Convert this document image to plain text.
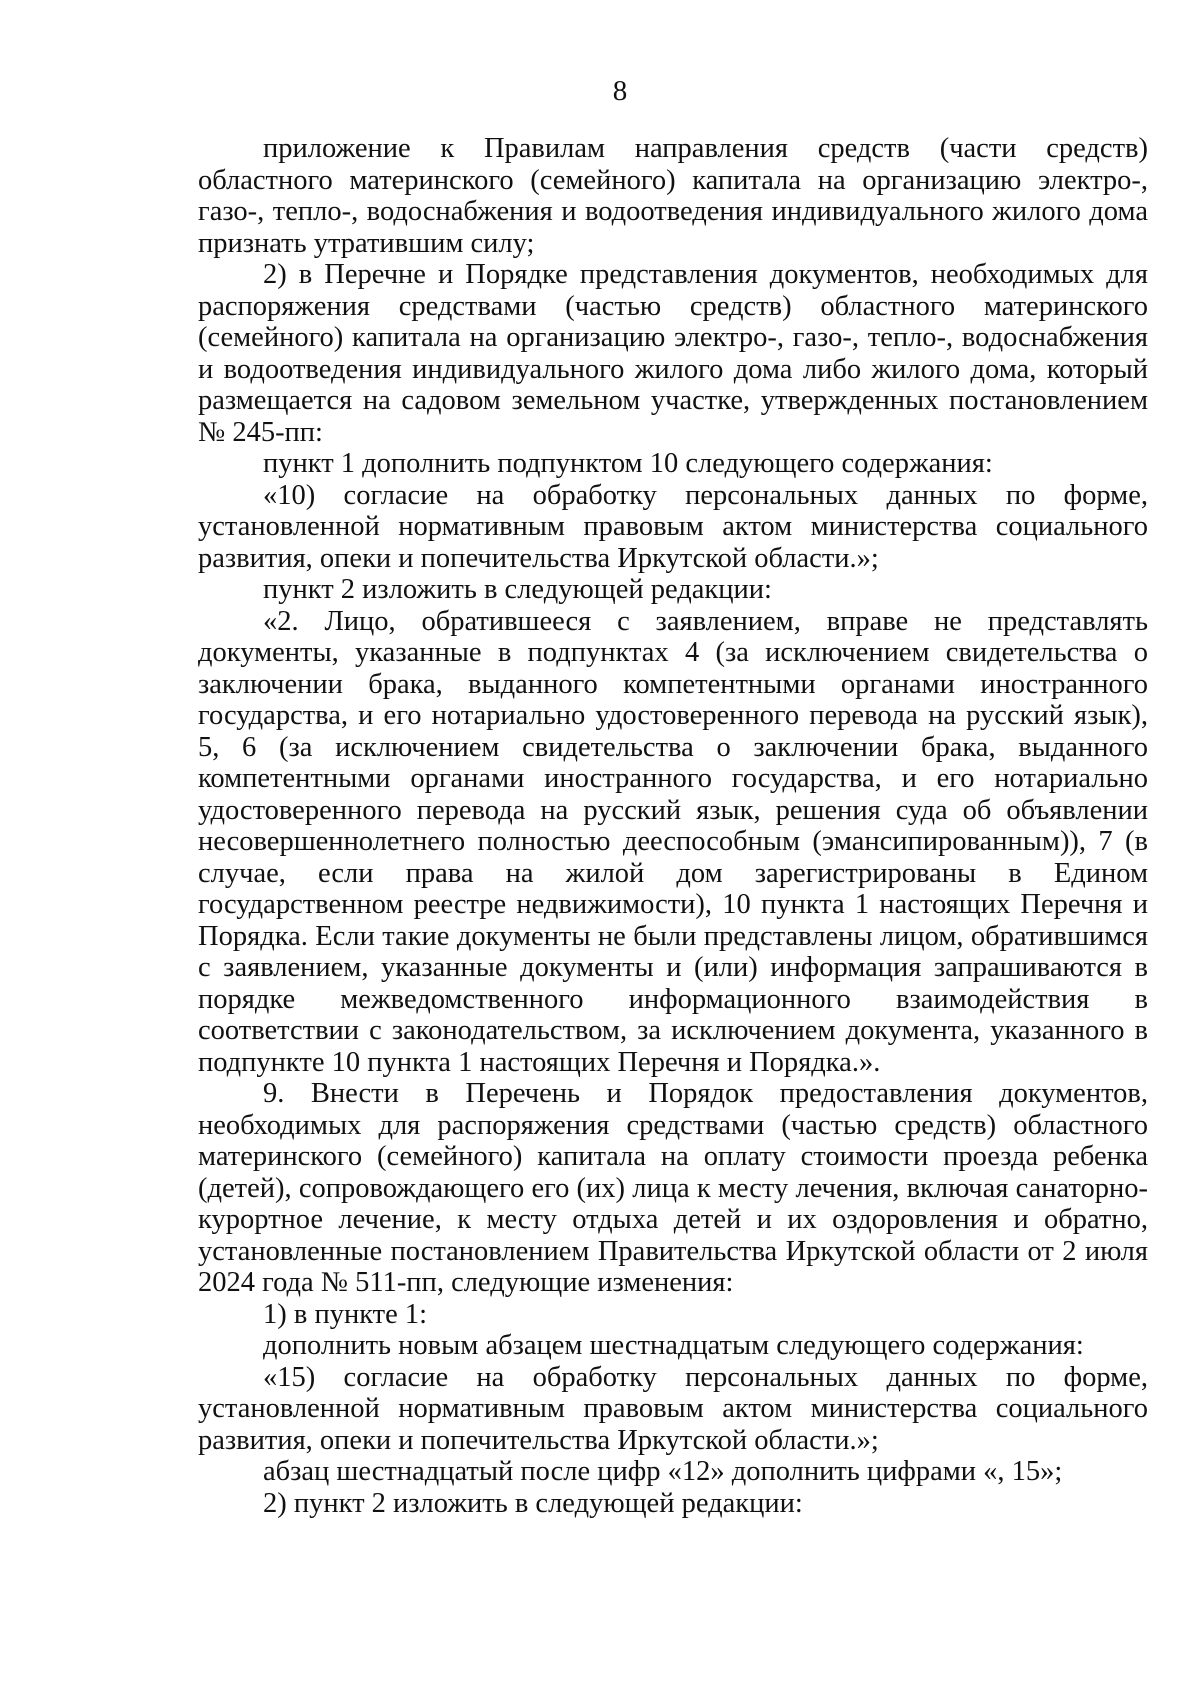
8

приложение к Правилам направления средств (части средств) областного материнского (семейного) капитала на организацию электро-, газо-, тепло-, водоснабжения и водоотведения индивидуального жилого дома признать утратившим силу;

2) в Перечне и Порядке представления документов, необходимых для распоряжения средствами (частью средств) областного материнского (семейного) капитала на организацию электро-, газо-, тепло-, водоснабжения и водоотведения индивидуального жилого дома либо жилого дома, который размещается на садовом земельном участке, утвержденных постановлением № 245-пп:

пункт 1 дополнить подпунктом 10 следующего содержания:

«10) согласие на обработку персональных данных по форме, установленной нормативным правовым актом министерства социального развития, опеки и попечительства Иркутской области.»;

пункт 2 изложить в следующей редакции:

«2. Лицо, обратившееся с заявлением, вправе не представлять документы, указанные в подпунктах 4 (за исключением свидетельства о заключении брака, выданного компетентными органами иностранного государства, и его нотариально удостоверенного перевода на русский язык), 5, 6 (за исключением свидетельства о заключении брака, выданного компетентными органами иностранного государства, и его нотариально удостоверенного перевода на русский язык, решения суда об объявлении несовершеннолетнего полностью дееспособным (эмансипированным)), 7 (в случае, если права на жилой дом зарегистрированы в Едином государственном реестре недвижимости), 10 пункта 1 настоящих Перечня и Порядка. Если такие документы не были представлены лицом, обратившимся с заявлением, указанные документы и (или) информация запрашиваются в порядке межведомственного информационного взаимодействия в соответствии с законодательством, за исключением документа, указанного в подпункте 10 пункта 1 настоящих Перечня и Порядка.».

9. Внести в Перечень и Порядок предоставления документов, необходимых для распоряжения средствами (частью средств) областного материнского (семейного) капитала на оплату стоимости проезда ребенка (детей), сопровождающего его (их) лица к месту лечения, включая санаторно-курортное лечение, к месту отдыха детей и их оздоровления и обратно, установленные постановлением Правительства Иркутской области от 2 июля 2024 года № 511-пп, следующие изменения:

1) в пункте 1:

дополнить новым абзацем шестнадцатым следующего содержания:

«15) согласие на обработку персональных данных по форме, установленной нормативным правовым актом министерства социального развития, опеки и попечительства Иркутской области.»;

абзац шестнадцатый после цифр «12» дополнить цифрами «, 15»;

2) пункт 2 изложить в следующей редакции:
